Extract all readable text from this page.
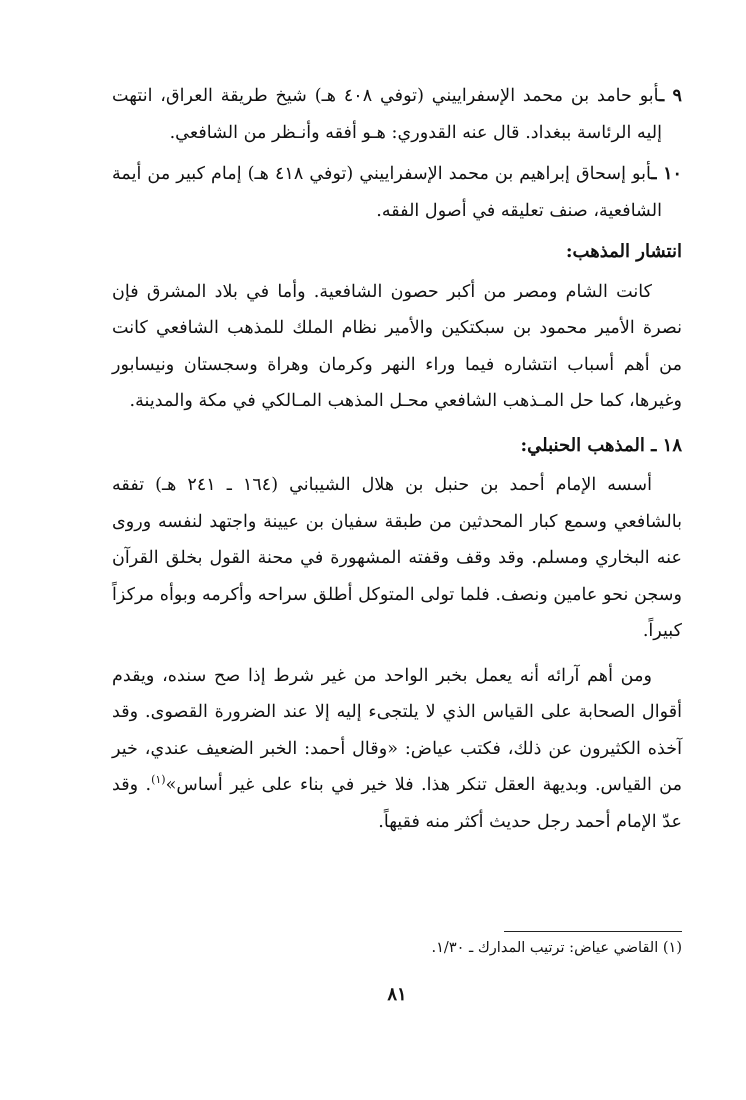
٩ ـأبو حامد بن محمد الإسفراييني (توفي ٤٠٨ هـ) شيخ طريقة العراق، انتهت إليه الرئاسة ببغداد. قال عنه القدوري: هـو أفقه وأنـظر من الشافعي.

١٠ ـأبو إسحاق إبراهيم بن محمد الإسفراييني (توفي ٤١٨ هـ) إمام كبير من أيمة الشافعية، صنف تعليقه في أصول الفقه.

انتشار المذهب:

كانت الشام ومصر من أكبر حصون الشافعية. وأما في بلاد المشرق فإن نصرة الأمير محمود بن سبكتكين والأمير نظام الملك للمذهب الشافعي كانت من أهم أسباب انتشاره فيما وراء النهر وكرمان وهراة وسجستان ونيسابور وغيرها، كما حل المـذهب الشافعي محـل المذهب المـالكي في مكة والمدينة.

١٨ ـ المذهب الحنبلي:

أسسه الإمام أحمد بن حنبل بن هلال الشيباني (١٦٤ ـ ٢٤١ هـ) تفقه بالشافعي وسمع كبار المحدثين من طبقة سفيان بن عيينة واجتهد لنفسه وروى عنه البخاري ومسلم. وقد وقف وقفته المشهورة في محنة القول بخلق القرآن وسجن نحو عامين ونصف. فلما تولى المتوكل أطلق سراحه وأكرمه وبوأه مركزاً كبيراً.

ومن أهم آرائه أنه يعمل بخبر الواحد من غير شرط إذا صح سنده، ويقدم أقوال الصحابة على القياس الذي لا يلتجىء إليه إلا عند الضرورة القصوى. وقد آخذه الكثيرون عن ذلك، فكتب عياض: «وقال أحمد: الخبر الضعيف عندي، خير من القياس. وبديهة العقل تنكر هذا. فلا خير في بناء على غير أساس»$^{(١)}$. وقد عدّ الإمام أحمد رجل حديث أكثر منه فقيهاً.

(١) القاضي عياض: ترتيب المدارك ـ ١/٣٠.
٨١
